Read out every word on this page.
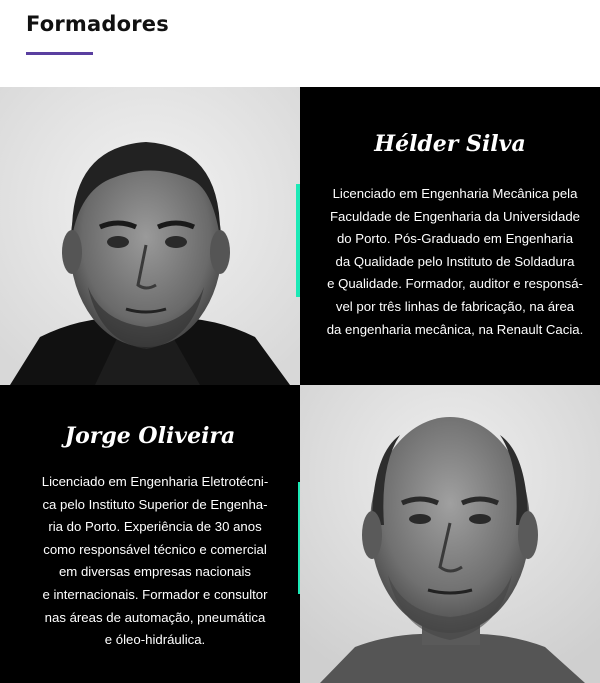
Formadores
Hélder Silva
Licenciado em Engenharia Mecânica pela
Faculdade de Engenharia da Universidade
do Porto. Pós-Graduado em Engenharia
da Qualidade pelo Instituto de Soldadura
e Qualidade. Formador, auditor e responsá-
vel por três linhas de fabricação, na área
da engenharia mecânica, na Renault Cacia.
Jorge Oliveira
Licenciado em Engenharia Eletrotécni-
ca pelo Instituto Superior de Engenha-
ria do Porto. Experiência de 30 anos
como responsável técnico e comercial
em diversas empresas nacionais
e internacionais. Formador e consultor
nas áreas de automação, pneumática
e óleo-hidráulica.
